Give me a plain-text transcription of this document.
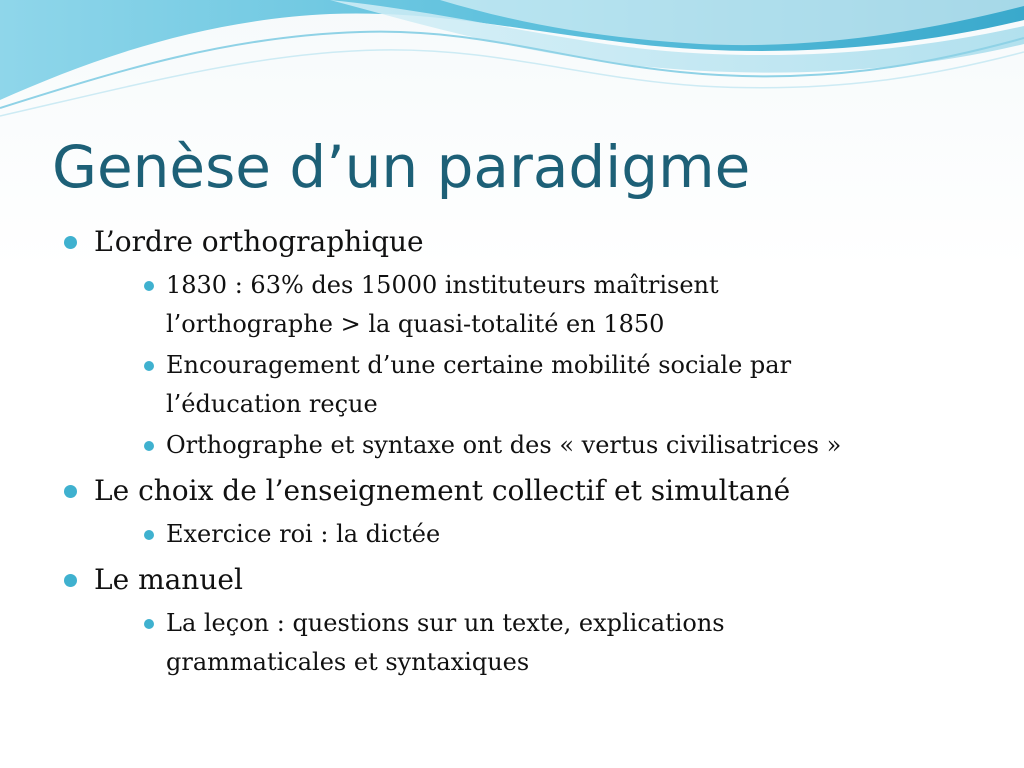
Genèse d’un paradigme
L’ordre orthographique
1830 : 63% des 15000 instituteurs maîtrisent
l’orthographe > la quasi-totalité en 1850
Encouragement d’une certaine mobilité sociale par
l’éducation reçue
Orthographe et syntaxe ont des « vertus civilisatrices »
Le choix de l’enseignement collectif et simultané
Exercice roi : la dictée
Le manuel
La leçon : questions sur un texte, explications
grammaticales et syntaxiques
